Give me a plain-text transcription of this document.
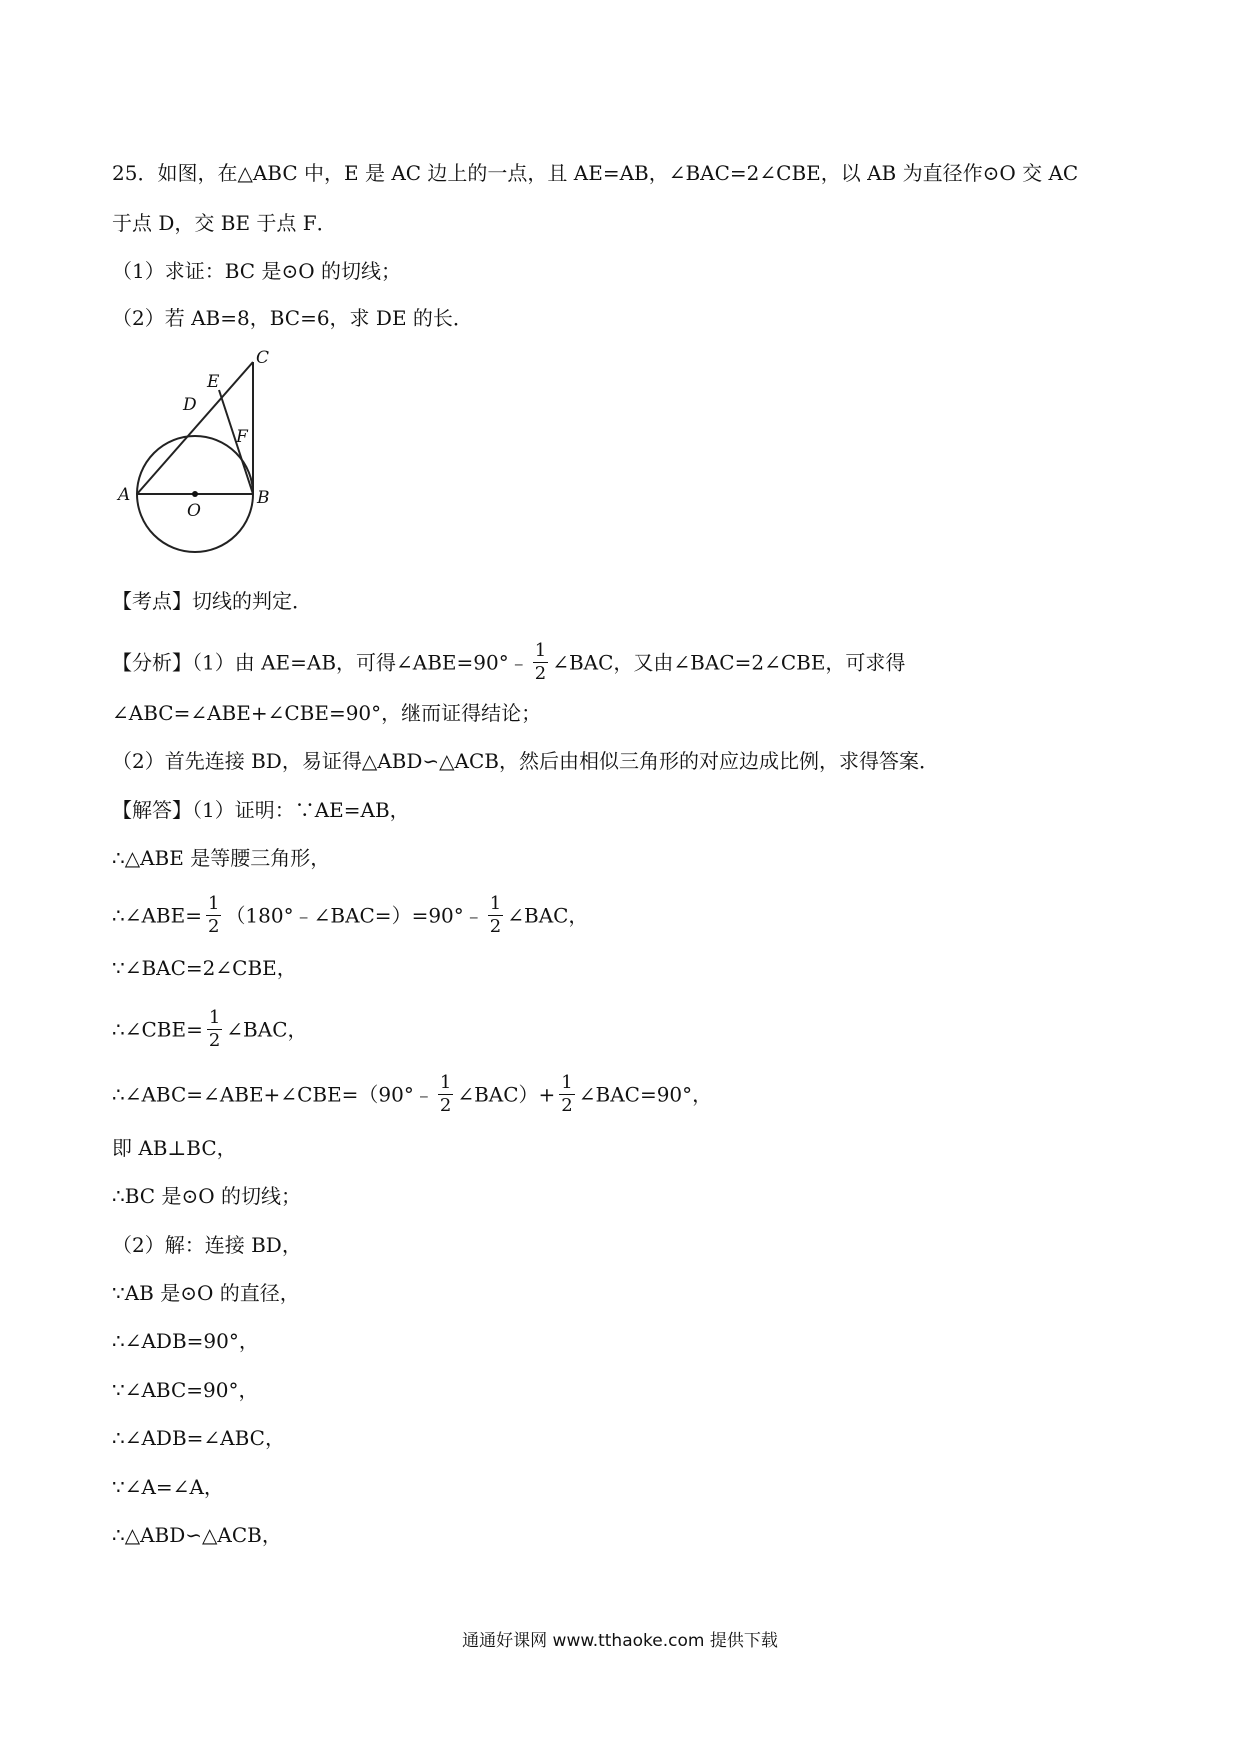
25．如图，在△ABC 中，E 是 AC 边上的一点，且 AE=AB，∠BAC=2∠CBE，以 AB 为直径作⊙O 交 AC
于点 D，交 BE 于点 F．
（1）求证：BC 是⊙O 的切线；
（2）若 AB=8，BC=6，求 DE 的长．
C
E
D
F
A	B
O
【考点】切线的判定．
【分析】（1）由 AE=AB，可得∠ABE=90°﹣ $\frac{1}{2}$ ∠BAC，又由∠BAC=2∠CBE，可求得
∠ABC=∠ABE+∠CBE=90°，继而证得结论；
（2）首先连接 BD，易证得△ABD∽△ACB，然后由相似三角形的对应边成比例，求得答案．
【解答】（1）证明：∵AE=AB，
∴△ABE 是等腰三角形，
∴∠ABE= $\frac{1}{2}$ （180°﹣∠BAC=）=90°﹣ $\frac{1}{2}$ ∠BAC，
∵∠BAC=2∠CBE，
∴∠CBE= $\frac{1}{2}$ ∠BAC，
∴∠ABC=∠ABE+∠CBE=（90°﹣ $\frac{1}{2}$ ∠BAC）+ $\frac{1}{2}$ ∠BAC=90°，
即 AB⊥BC，
∴BC 是⊙O 的切线；
（2）解：连接 BD，
∵AB 是⊙O 的直径，
∴∠ADB=90°，
∵∠ABC=90°，
∴∠ADB=∠ABC，
∵∠A=∠A，
∴△ABD∽△ACB，
通通好课网 www.tthaoke.com 提供下载
